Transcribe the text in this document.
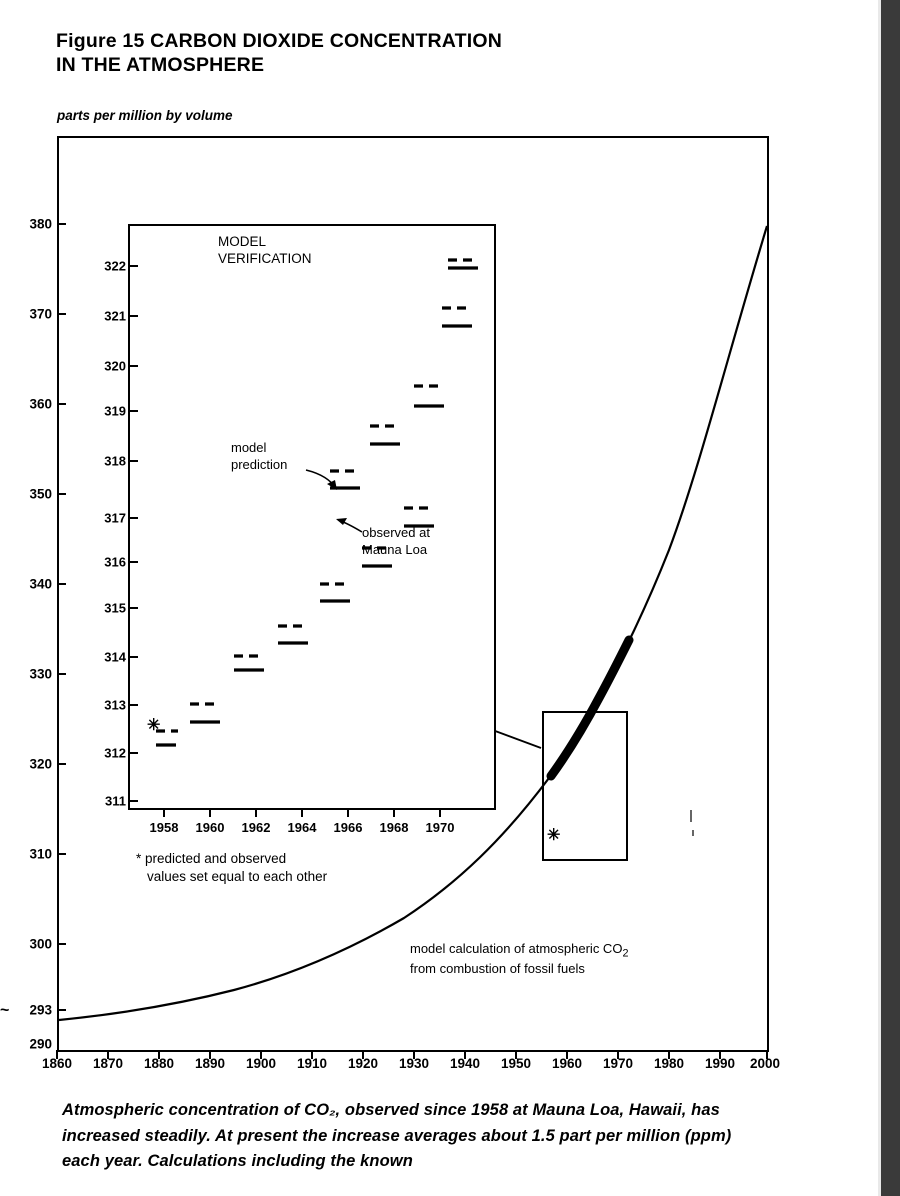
Figure 15 CARBON DIOXIDE CONCENTRATION
IN THE ATMOSPHERE
parts per million by volume
✳
380
370
360
350
340
330
320
310
300
293
290
~
1860 1870 1880 1890 1900 1910 1920 1930 1940 1950 1960 1970 1980 1990 2000
model calculation of atmospheric $CO_2$
from combustion of fossil fuels
* predicted and observed
values set equal to each other
MODEL
VERIFICATION
322
321
320
319
318
317
316
315
314
313
312
311
✳
1958 1960 1962 1964 1966 1968 1970
model
prediction
observed at
Mauna Loa
Atmospheric concentration of CO₂, observed since 1958 at Mauna Loa, Hawaii, has increased steadily. At present the increase averages about 1.5 part per million (ppm) each year. Calculations including the known
